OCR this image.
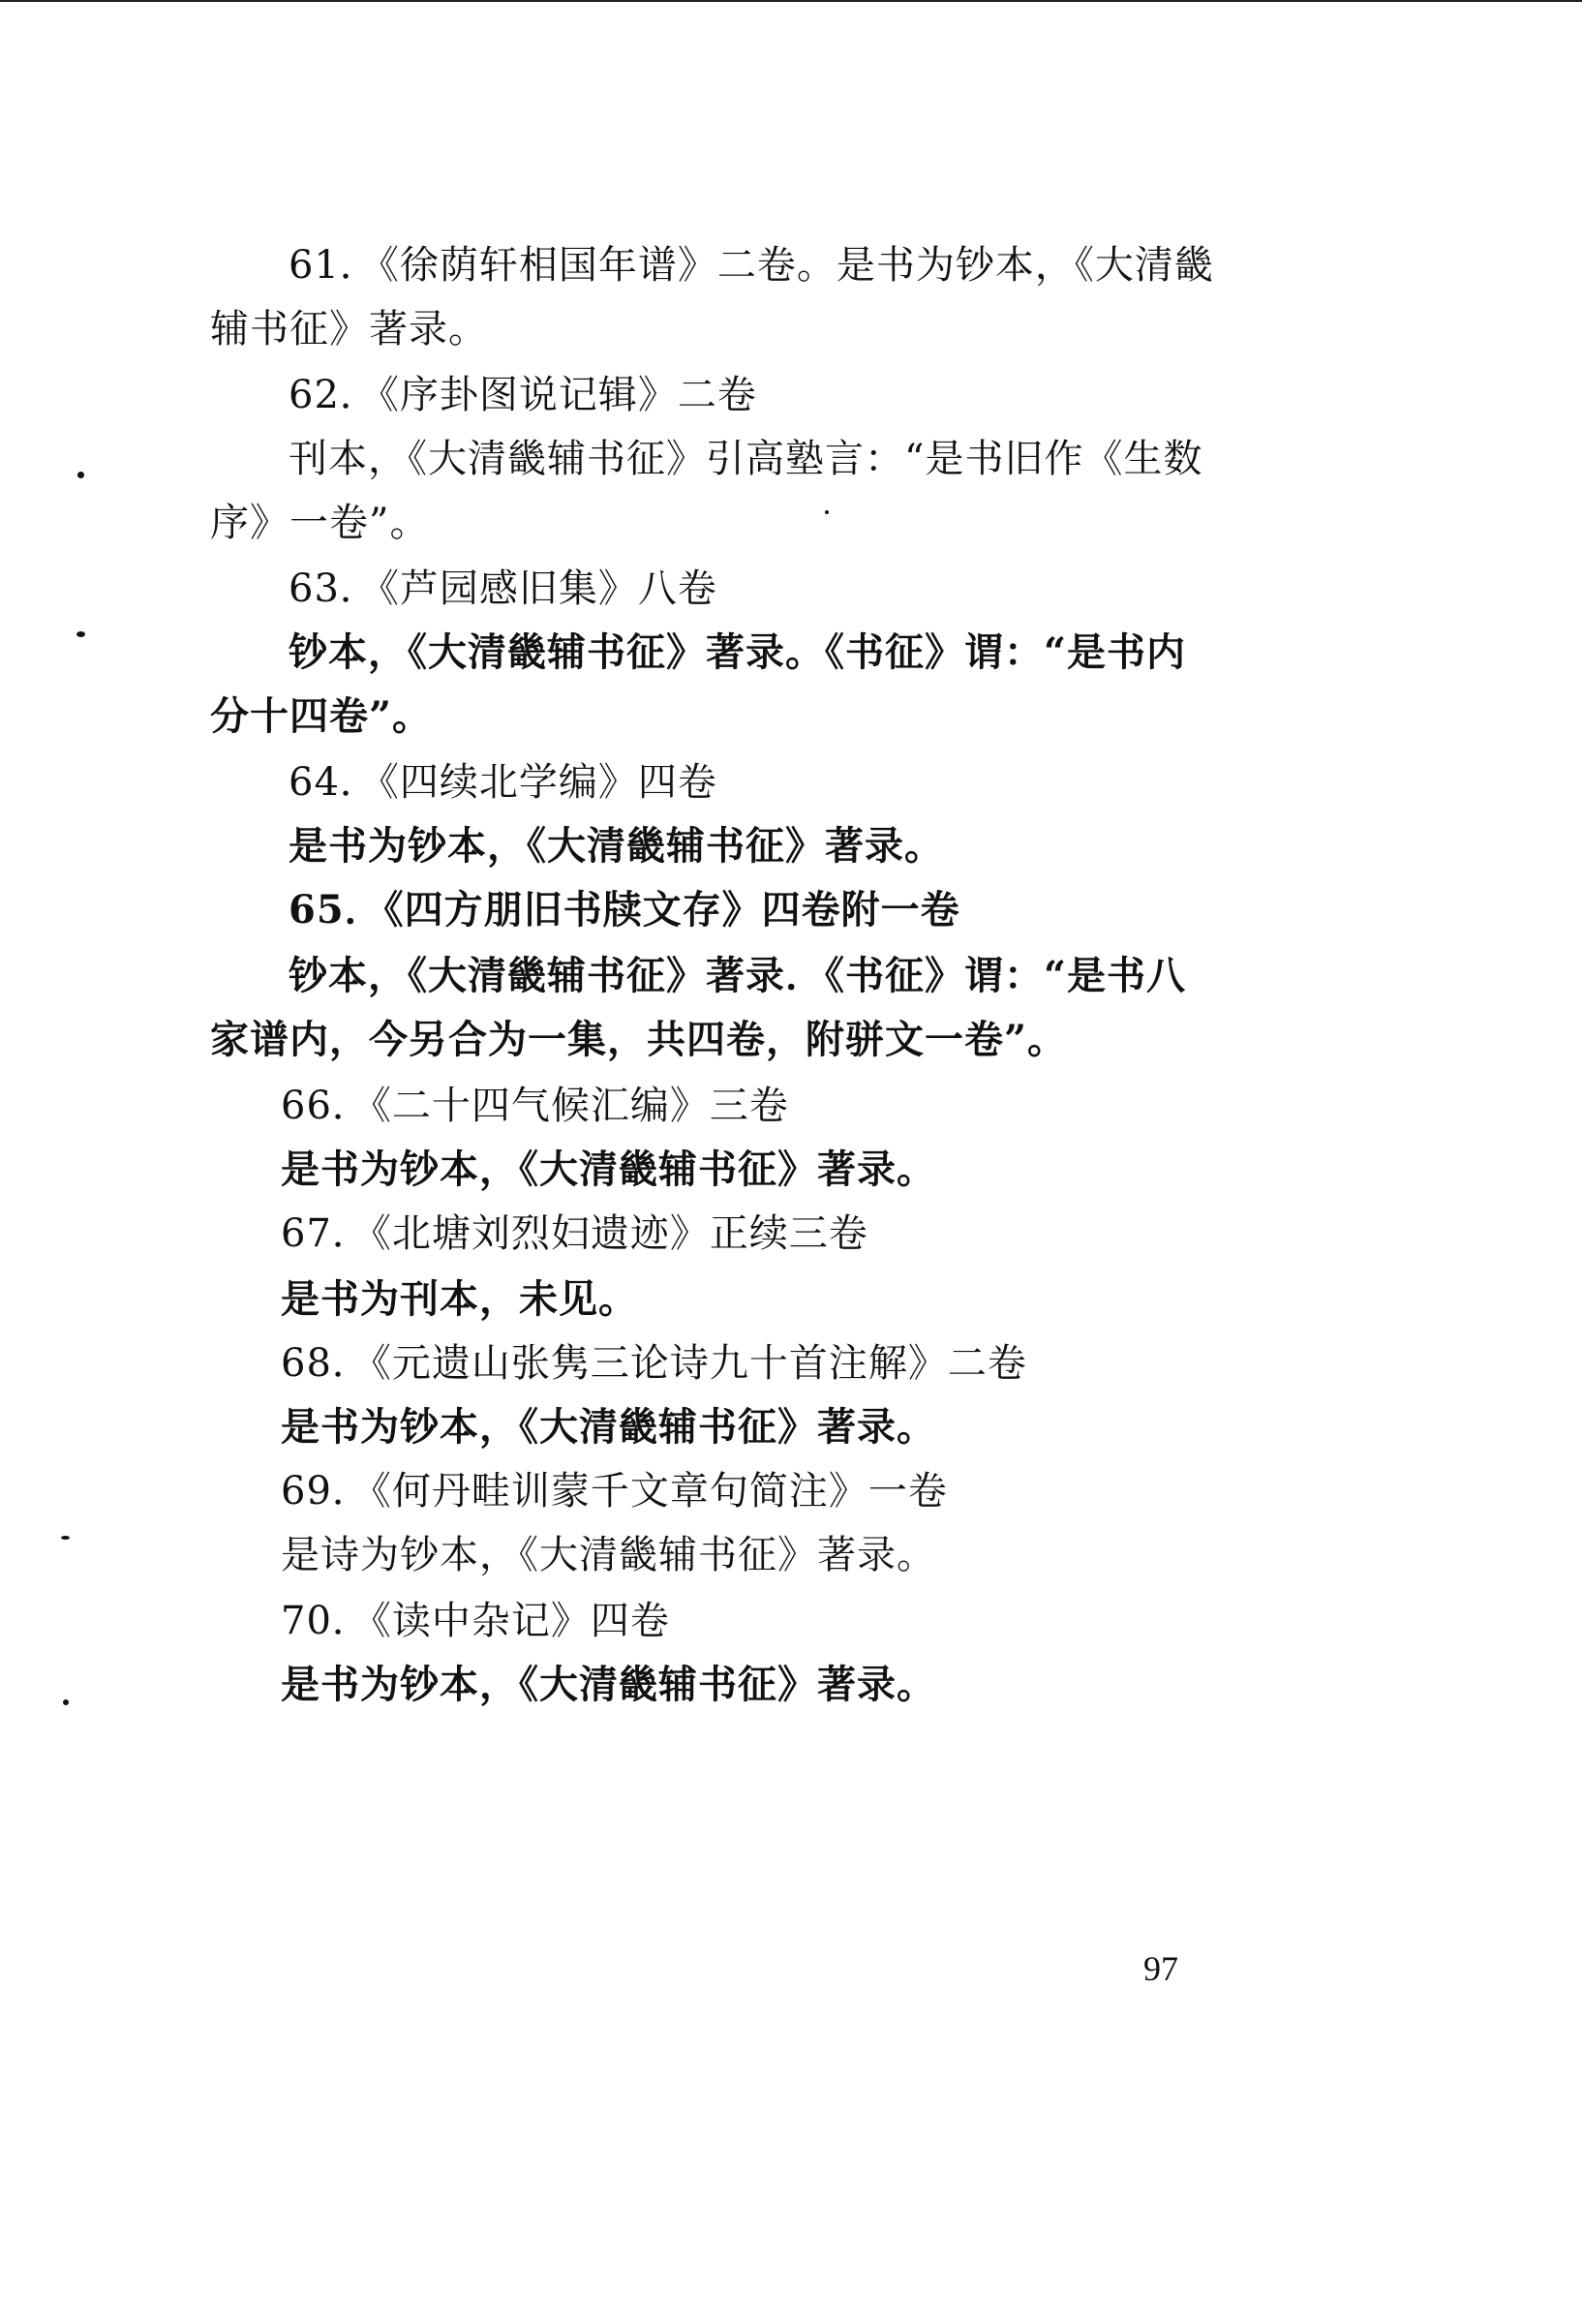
61．《徐荫轩相国年谱》二卷。是书为钞本，《大清畿
辅书征》著录。
62．《序卦图说记辑》二卷
刊本，《大清畿辅书征》引高塾言：“是书旧作《生数
序》一卷”。
63．《芦园感旧集》八卷
钞本，《大清畿辅书征》著录。《书征》谓：“是书内
分十四卷”。
64．《四续北学编》四卷
是书为钞本，《大清畿辅书征》著录。
65．《四方朋旧书牍文存》四卷附一卷
钞本，《大清畿辅书征》著录．《书征》谓：“是书八
家谱内，今另合为一集，共四卷，附骈文一卷”。
66．《二十四气候汇编》三卷
是书为钞本，《大清畿辅书征》著录。
67．《北塘刘烈妇遗迹》正续三卷
是书为刊本，未见。
68．《元遗山张隽三论诗九十首注解》二卷
是书为钞本，《大清畿辅书征》著录。
69．《何丹畦训蒙千文章句简注》一卷
是诗为钞本，《大清畿辅书征》著录。
70．《读中杂记》四卷
是书为钞本，《大清畿辅书征》著录。
97
